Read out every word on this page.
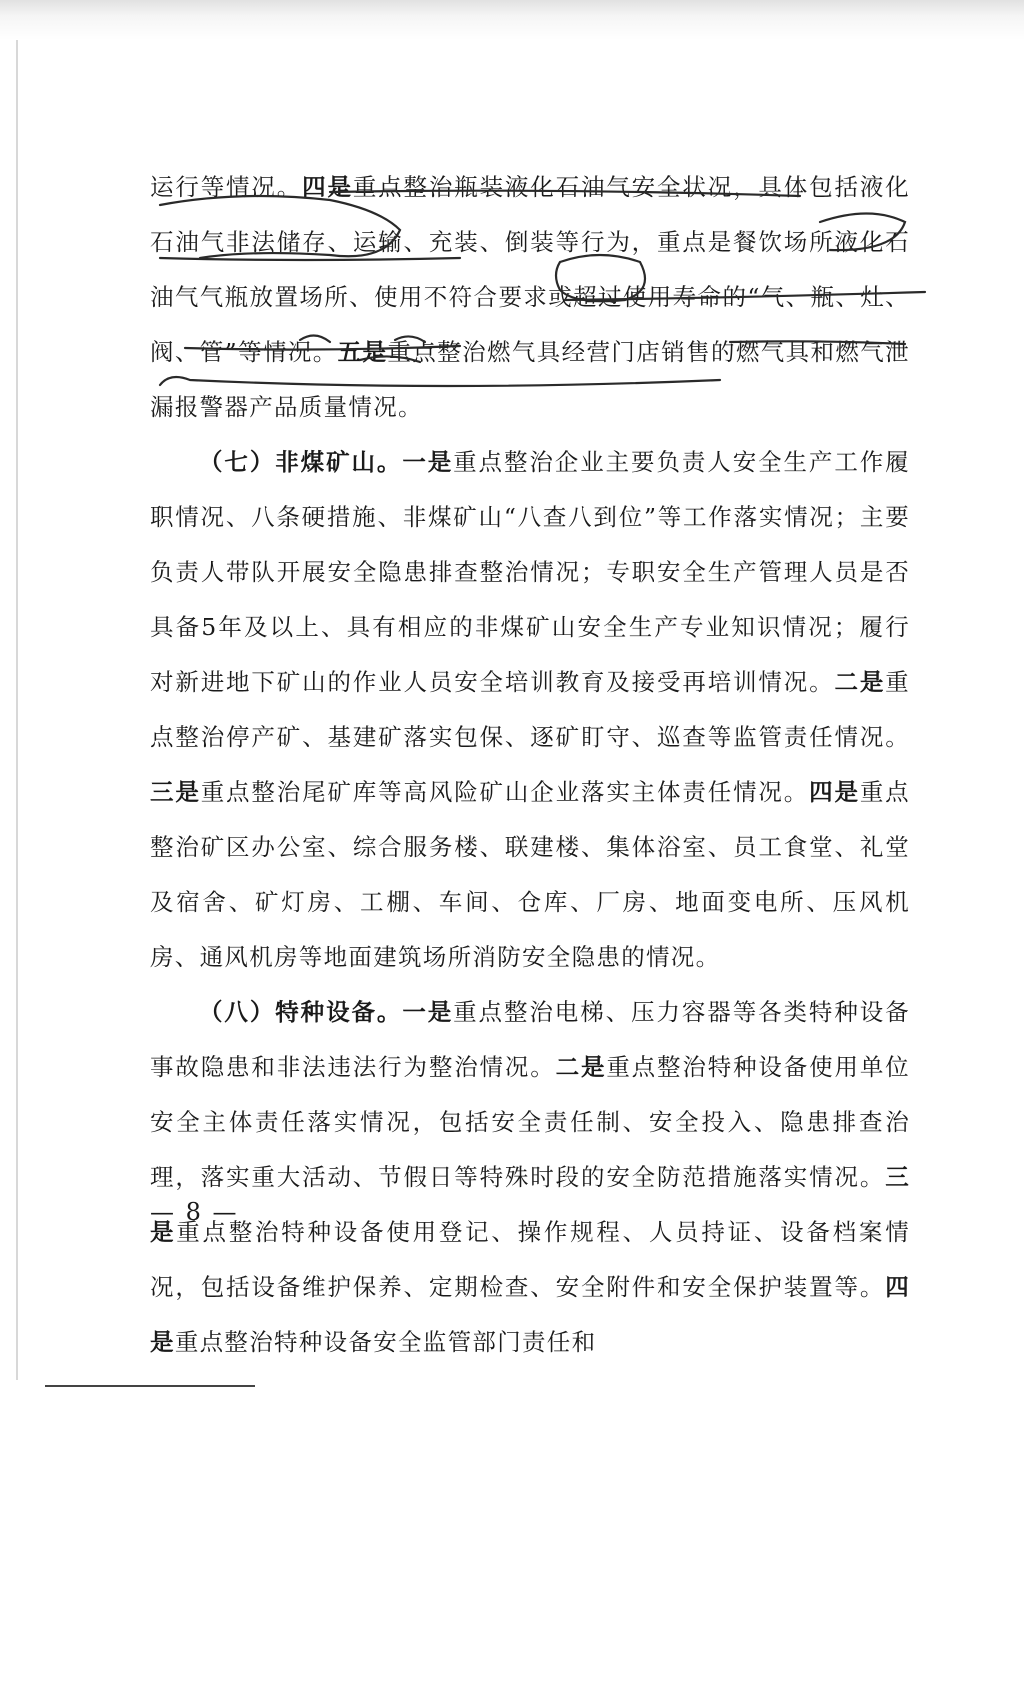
运行等情况。四是重点整治瓶装液化石油气安全状况，具体包括液化石油气非法储存、运输、充装、倒装等行为，重点是餐饮场所液化石油气气瓶放置场所、使用不符合要求或超过使用寿命的“气、瓶、灶、阀、管”等情况。五是重点整治燃气具经营门店销售的燃气具和燃气泄漏报警器产品质量情况。

（七）非煤矿山。一是重点整治企业主要负责人安全生产工作履职情况、八条硬措施、非煤矿山“八查八到位”等工作落实情况；主要负责人带队开展安全隐患排查整治情况；专职安全生产管理人员是否具备5年及以上、具有相应的非煤矿山安全生产专业知识情况；履行对新进地下矿山的作业人员安全培训教育及接受再培训情况。二是重点整治停产矿、基建矿落实包保、逐矿盯守、巡查等监管责任情况。三是重点整治尾矿库等高风险矿山企业落实主体责任情况。四是重点整治矿区办公室、综合服务楼、联建楼、集体浴室、员工食堂、礼堂及宿舍、矿灯房、工棚、车间、仓库、厂房、地面变电所、压风机房、通风机房等地面建筑场所消防安全隐患的情况。

（八）特种设备。一是重点整治电梯、压力容器等各类特种设备事故隐患和非法违法行为整治情况。二是重点整治特种设备使用单位安全主体责任落实情况，包括安全责任制、安全投入、隐患排查治理，落实重大活动、节假日等特殊时段的安全防范措施落实情况。三是重点整治特种设备使用登记、操作规程、人员持证、设备档案情况，包括设备维护保养、定期检查、安全附件和安全保护装置等。四是重点整治特种设备安全监管部门责任和

— 8 —
